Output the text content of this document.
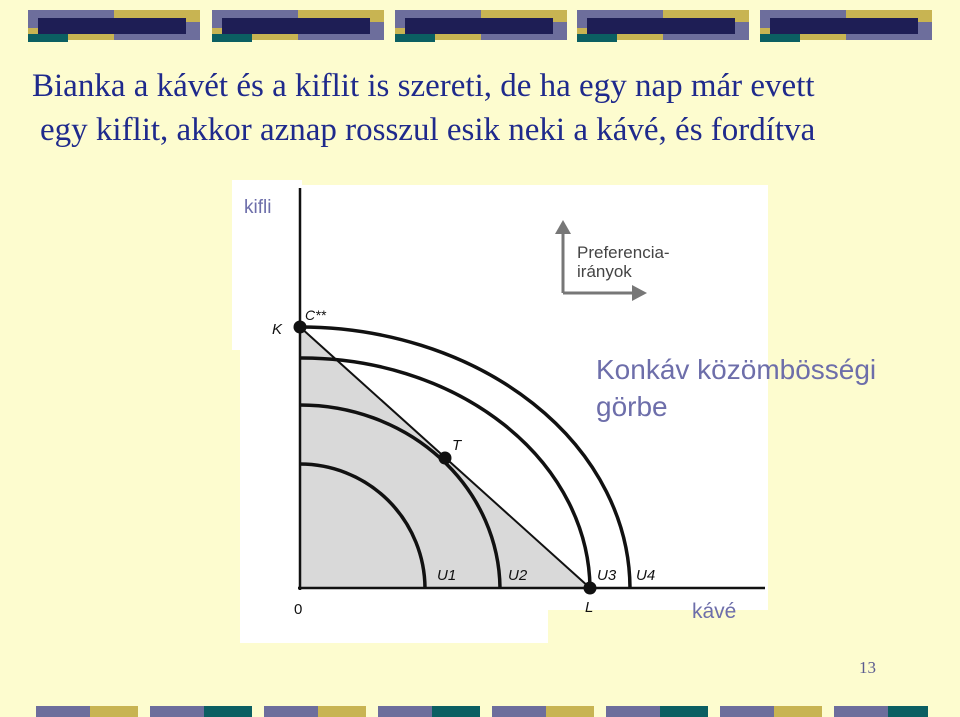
Bianka a kávét és a kiflit is szereti, de ha egy nap már evett
egy kiflit, akkor aznap rosszul esik neki a kávé, és fordítva
kifli
kávé
0
Preferencia-
irányok
K
C**
T
L
U1	U2	U3 U4
Konkáv közömbösségi
görbe
13
